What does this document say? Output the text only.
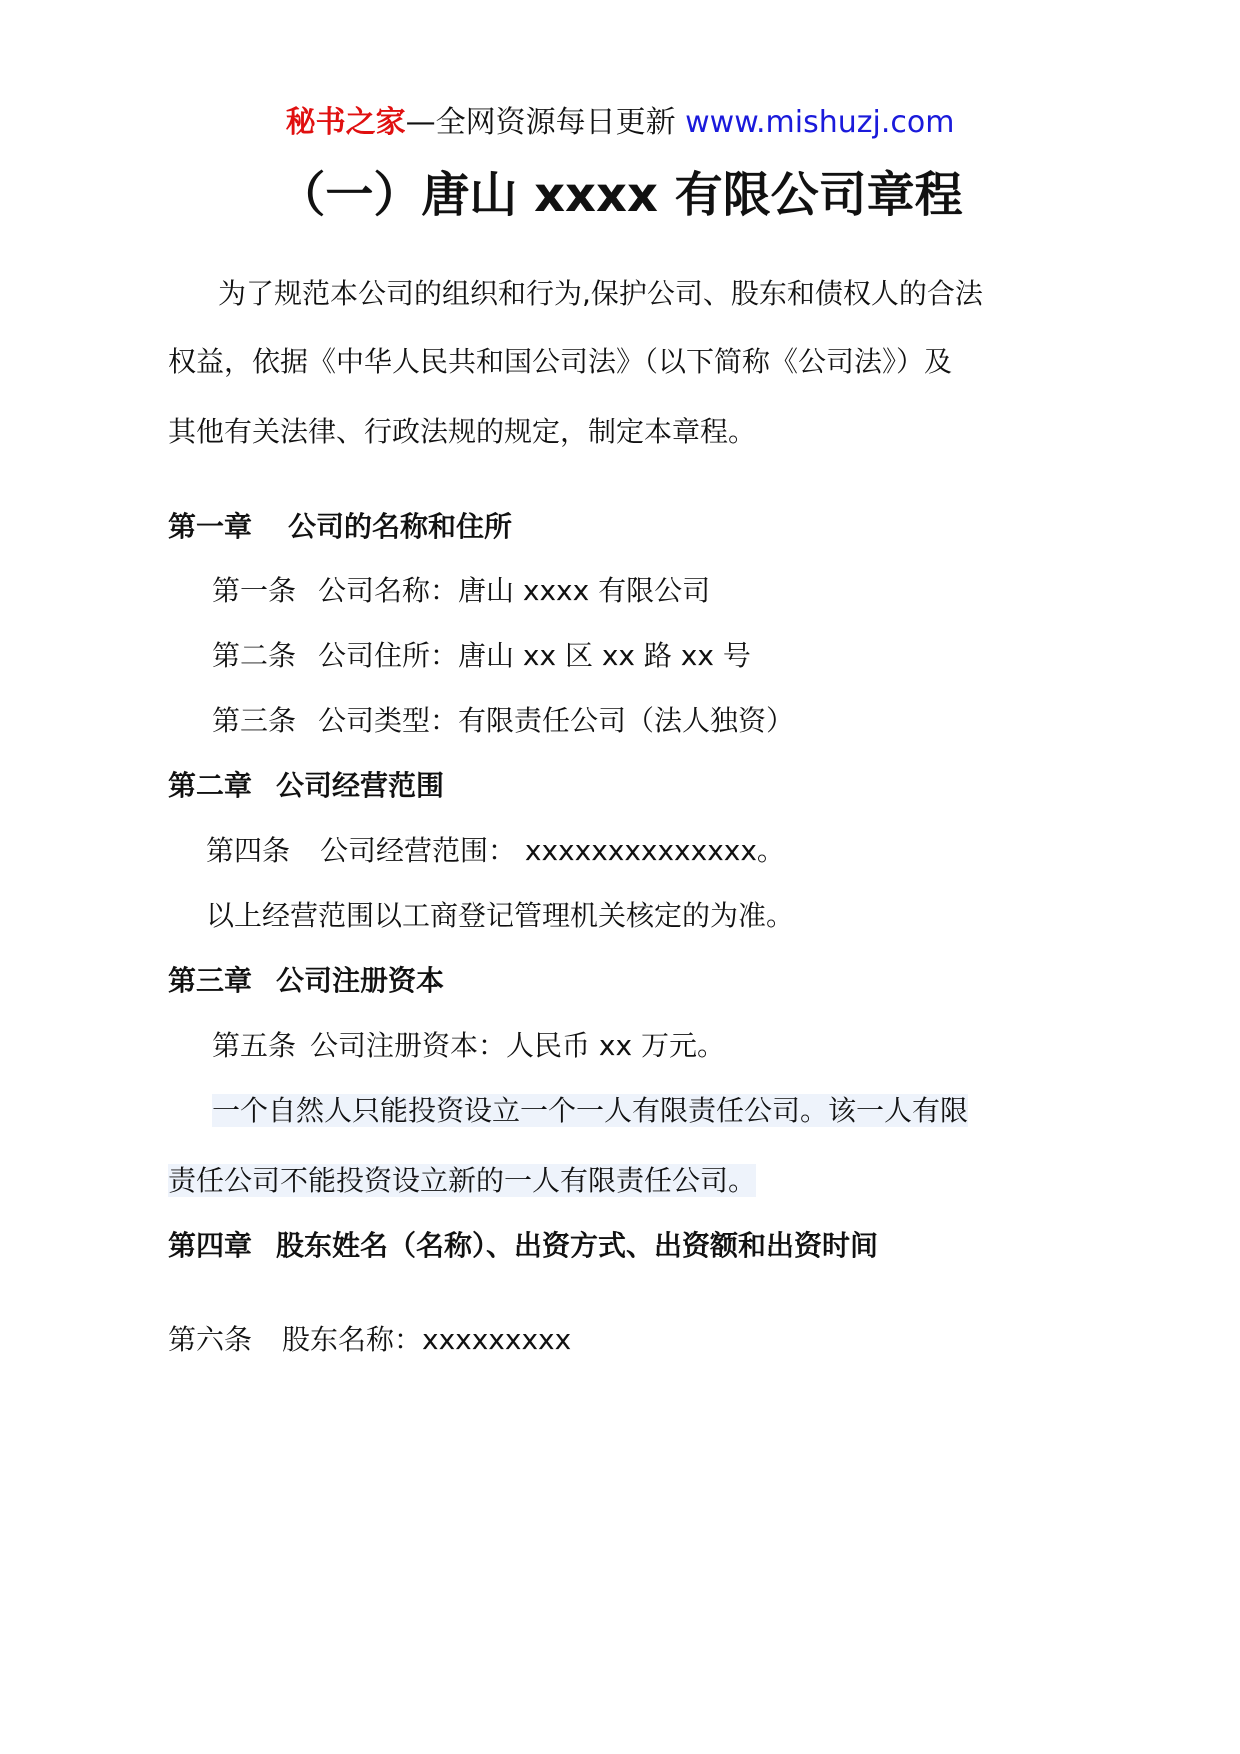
秘书之家—全网资源每日更新 www.mishuzj.com
（一）唐山 xxxx 有限公司章程
为了规范本公司的组织和行为,保护公司、股东和债权人的合法
权益，依据《中华人民共和国公司法》（以下简称《公司法》）及
其他有关法律、行政法规的规定，制定本章程。
第一章 公司的名称和住所
第一条 公司名称：唐山 xxxx 有限公司
第二条 公司住所：唐山 xx 区 xx 路 xx 号
第三条 公司类型：有限责任公司（法人独资）
第二章 公司经营范围
第四条 公司经营范围： xxxxxxxxxxxxxx。
以上经营范围以工商登记管理机关核定的为准。
第三章 公司注册资本
第五条 公司注册资本：人民币 xx 万元。
一个自然人只能投资设立一个一人有限责任公司。该一人有限
责任公司不能投资设立新的一人有限责任公司。
第四章 股东姓名（名称）、出资方式、出资额和出资时间
第六条 股东名称：xxxxxxxxx
